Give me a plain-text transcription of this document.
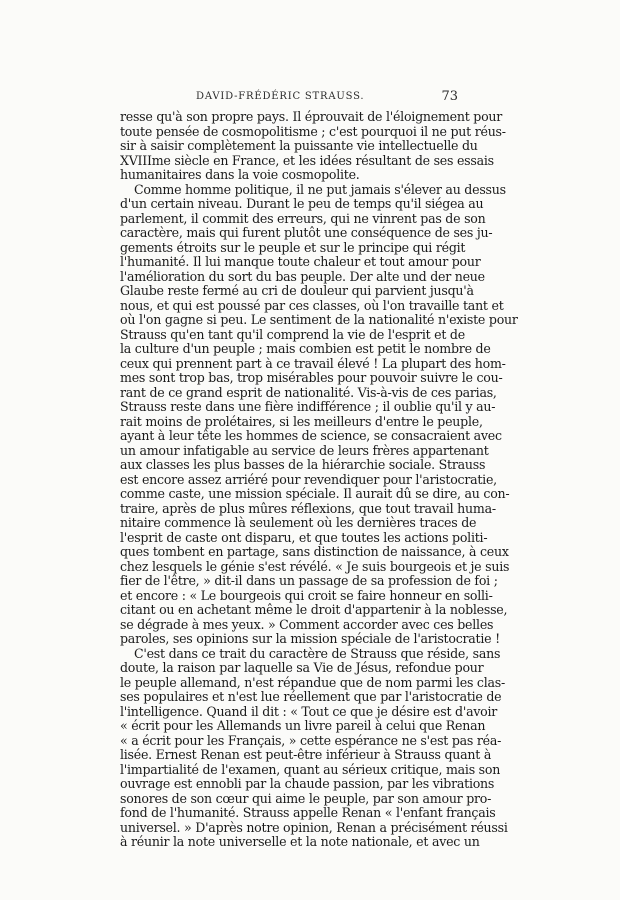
DAVID-FRÉDÉRIC STRAUSS.	73

resse qu'à son propre pays. Il éprouvait de l'éloignement pour
toute pensée de cosmopolitisme ; c'est pourquoi il ne put réus-
sir à saisir complètement la puissante vie intellectuelle du
XVIIIme siècle en France, et les idées résultant de ses essais
humanitaires dans la voie cosmopolite.

Comme homme politique, il ne put jamais s'élever au dessus
d'un certain niveau. Durant le peu de temps qu'il siégea au
parlement, il commit des erreurs, qui ne vinrent pas de son
caractère, mais qui furent plutôt une conséquence de ses ju-
gements étroits sur le peuple et sur le principe qui régit
l'humanité. Il lui manque toute chaleur et tout amour pour
l'amélioration du sort du bas peuple. Der alte und der neue
Glaube reste fermé au cri de douleur qui parvient jusqu'à
nous, et qui est poussé par ces classes, où l'on travaille tant et
où l'on gagne si peu. Le sentiment de la nationalité n'existe pour
Strauss qu'en tant qu'il comprend la vie de l'esprit et de
la culture d'un peuple ; mais combien est petit le nombre de
ceux qui prennent part à ce travail élevé ! La plupart des hom-
mes sont trop bas, trop misérables pour pouvoir suivre le cou-
rant de ce grand esprit de nationalité. Vis-à-vis de ces parias,
Strauss reste dans une fière indifférence ; il oublie qu'il y au-
rait moins de prolétaires, si les meilleurs d'entre le peuple,
ayant à leur tête les hommes de science, se consacraient avec
un amour infatigable au service de leurs frères appartenant
aux classes les plus basses de la hiérarchie sociale. Strauss
est encore assez arriéré pour revendiquer pour l'aristocratie,
comme caste, une mission spéciale. Il aurait dû se dire, au con-
traire, après de plus mûres réflexions, que tout travail huma-
nitaire commence là seulement où les dernières traces de
l'esprit de caste ont disparu, et que toutes les actions politi-
ques tombent en partage, sans distinction de naissance, à ceux
chez lesquels le génie s'est révélé. « Je suis bourgeois et je suis
fier de l'être, » dit-il dans un passage de sa profession de foi ;
et encore : « Le bourgeois qui croit se faire honneur en solli-
citant ou en achetant même le droit d'appartenir à la noblesse,
se dégrade à mes yeux. » Comment accorder avec ces belles
paroles, ses opinions sur la mission spéciale de l'aristocratie !

C'est dans ce trait du caractère de Strauss que réside, sans
doute, la raison par laquelle sa Vie de Jésus, refondue pour
le peuple allemand, n'est répandue que de nom parmi les clas-
ses populaires et n'est lue réellement que par l'aristocratie de
l'intelligence. Quand il dit : « Tout ce que je désire est d'avoir
« écrit pour les Allemands un livre pareil à celui que Renan
« a écrit pour les Français, » cette espérance ne s'est pas réa-
lisée. Ernest Renan est peut-être inférieur à Strauss quant à
l'impartialité de l'examen, quant au sérieux critique, mais son
ouvrage est ennobli par la chaude passion, par les vibrations
sonores de son cœur qui aime le peuple, par son amour pro-
fond de l'humanité. Strauss appelle Renan « l'enfant français
universel. » D'après notre opinion, Renan a précisément réussi
à réunir la note universelle et la note nationale, et avec un
